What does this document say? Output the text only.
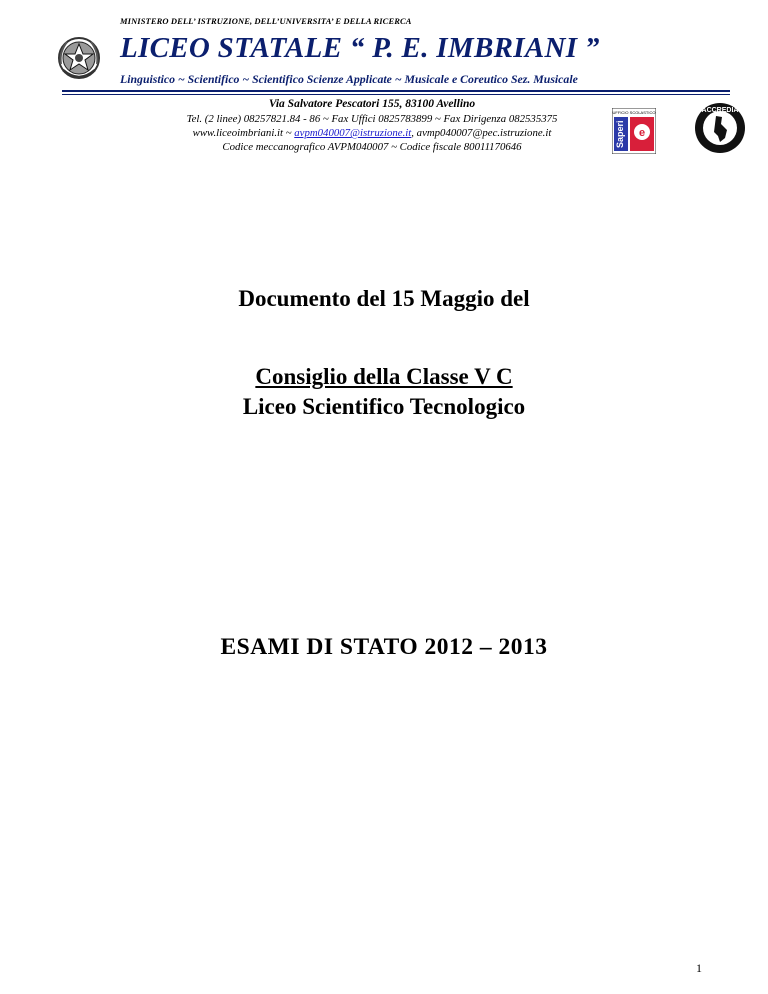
MINISTERO DELL’ ISTRUZIONE, DELL’UNIVERSITA’ E DELLA RICERCA
LICEO STATALE “ P. E. IMBRIANI ”
Linguistico ~ Scientifico ~ Scientifico Scienze Applicate ~ Musicale e Coreutico Sez. Musicale
Via Salvatore Pescatori 155, 83100 Avellino
Tel. (2 linee) 08257821.84 - 86 ~ Fax Uffici 0825783899 ~ Fax Dirigenza 082535375
www.liceoimbriani.it ~ avpm040007@istruzione.it, avmp040007@pec.istruzione.it
Codice meccanografico AVPM040007 ~ Codice fiscale 80011170646
UFFICIO SCOLASTICO
Saperi e
ACCREDIA
Documento del 15 Maggio del
Consiglio della Classe V C
Liceo Scientifico Tecnologico
ESAMI DI STATO 2012 – 2013
1
